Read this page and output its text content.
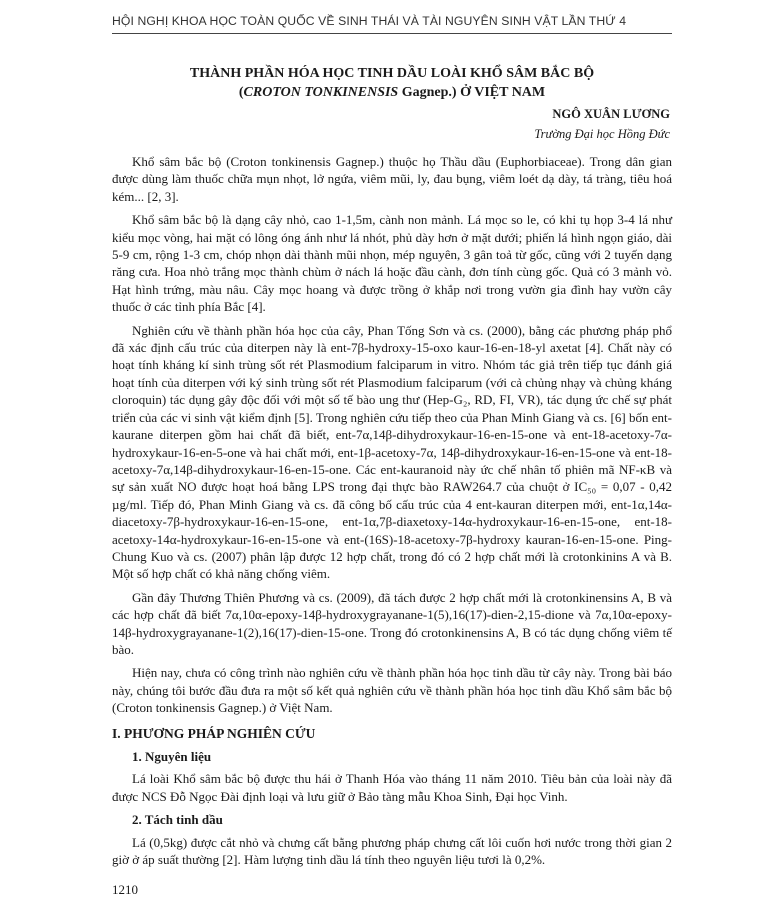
HỘI NGHỊ KHOA HỌC TOÀN QUỐC VỀ SINH THÁI VÀ TÀI NGUYÊN SINH VẬT LẦN THỨ 4
THÀNH PHẦN HÓA HỌC TINH DẦU LOÀI KHỔ SÂM BẮC BỘ
(CROTON TONKINENSIS Gagnep.) Ở VIỆT NAM
NGÔ XUÂN LƯƠNG
Trường Đại học Hồng Đức

Khổ sâm bắc bộ (Croton tonkinensis Gagnep.) thuộc họ Thầu dầu (Euphorbiaceae). Trong dân gian được dùng làm thuốc chữa mụn nhọt, lở ngứa, viêm mũi, ly, đau bụng, viêm loét dạ dày, tá tràng, tiêu hoá kém... [2, 3].

Khổ sâm bắc bộ là dạng cây nhỏ, cao 1-1,5m, cành non mảnh. Lá mọc so le, có khi tụ họp 3-4 lá như kiểu mọc vòng, hai mặt có lông óng ánh như lá nhót, phủ dày hơn ở mặt dưới; phiến lá hình ngọn giáo, dài 5-9 cm, rộng 1-3 cm, chóp nhọn dài thành mũi nhọn, mép nguyên, 3 gân toả từ gốc, cũng với 2 tuyến dạng răng cưa. Hoa nhỏ trắng mọc thành chùm ở nách lá hoặc đầu cành, đơn tính cùng gốc. Quả có 3 mảnh vỏ. Hạt hình trứng, màu nâu. Cây mọc hoang và được trồng ở khắp nơi trong vườn gia đình hay vườn cây thuốc ở các tỉnh phía Bắc [4].

Nghiên cứu về thành phần hóa học của cây, Phan Tống Sơn và cs. (2000), bằng các phương pháp phổ đã xác định cấu trúc của diterpen này là ent-7β-hydroxy-15-oxo kaur-16-en-18-yl axetat [4]. Chất này có hoạt tính kháng kí sinh trùng sốt rét Plasmodium falciparum in vitro. Nhóm tác giả trên tiếp tục đánh giá hoạt tính của diterpen với ký sinh trùng sốt rét Plasmodium falciparum (với cả chủng nhạy và chủng kháng cloroquin) tác dụng gây độc đối với một số tế bào ung thư (Hep-G₂, RD, FI, VR), tác dụng ức chế sự phát triển của các vi sinh vật kiểm định [5]. Trong nghiên cứu tiếp theo của Phan Minh Giang và cs. [6] bốn ent-kaurane diterpen gồm hai chất đã biết, ent-7α,14β-dihydroxykaur-16-en-15-one và ent-18-acetoxy-7α-hydroxykaur-16-en-5-one và hai chất mới, ent-1β-acetoxy-7α, 14β-dihydroxykaur-16-en-15-one và ent-18-acetoxy-7α,14β-dihydroxykaur-16-en-15-one. Các ent-kauranoid này ức chế nhân tố phiên mã NF-κB và sự sản xuất NO được hoạt hoá bằng LPS trong đại thực bào RAW264.7 của chuột ở IC₅₀ = 0,07 - 0,42 µg/ml. Tiếp đó, Phan Minh Giang và cs. đã công bố cấu trúc của 4 ent-kauran diterpen mới, ent-1α,14α-diacetoxy-7β-hydroxykaur-16-en-15-one, ent-1α,7β-diaxetoxy-14α-hydroxykaur-16-en-15-one, ent-18-acetoxy-14α-hydroxykaur-16-en-15-one và ent-(16S)-18-acetoxy-7β-hydroxy kauran-16-en-15-one. Ping-Chung Kuo và cs. (2007) phân lập được 12 hợp chất, trong đó có 2 hợp chất mới là crotonkinins A và B. Một số hợp chất có khả năng chống viêm.

Gần đây Thương Thiên Phương và cs. (2009), đã tách được 2 hợp chất mới là crotonkinensins A, B và các hợp chất đã biết 7α,10α-epoxy-14β-hydroxygrayanane-1(5),16(17)-dien-2,15-dione và 7α,10α-epoxy-14β-hydroxygrayanane-1(2),16(17)-dien-15-one. Trong đó crotonkinensins A, B có tác dụng chống viêm tế bào.

Hiện nay, chưa có công trình nào nghiên cứu về thành phần hóa học tinh dầu từ cây này. Trong bài báo này, chúng tôi bước đầu đưa ra một số kết quả nghiên cứu về thành phần hóa học tinh dầu Khổ sâm bắc bộ (Croton tonkinensis Gagnep.) ở Việt Nam.

I. PHƯƠNG PHÁP NGHIÊN CỨU
1. Nguyên liệu

Lá loài Khổ sâm bắc bộ được thu hái ở Thanh Hóa vào tháng 11 năm 2010. Tiêu bản của loài này đã được NCS Đỗ Ngọc Đài định loại và lưu giữ ở Bảo tàng mẫu Khoa Sinh, Đại học Vinh.

2. Tách tinh dầu

Lá (0,5kg) được cắt nhỏ và chưng cất bằng phương pháp chưng cất lôi cuốn hơi nước trong thời gian 2 giờ ở áp suất thường [2]. Hàm lượng tinh dầu lá tính theo nguyên liệu tươi là 0,2%.

1210
